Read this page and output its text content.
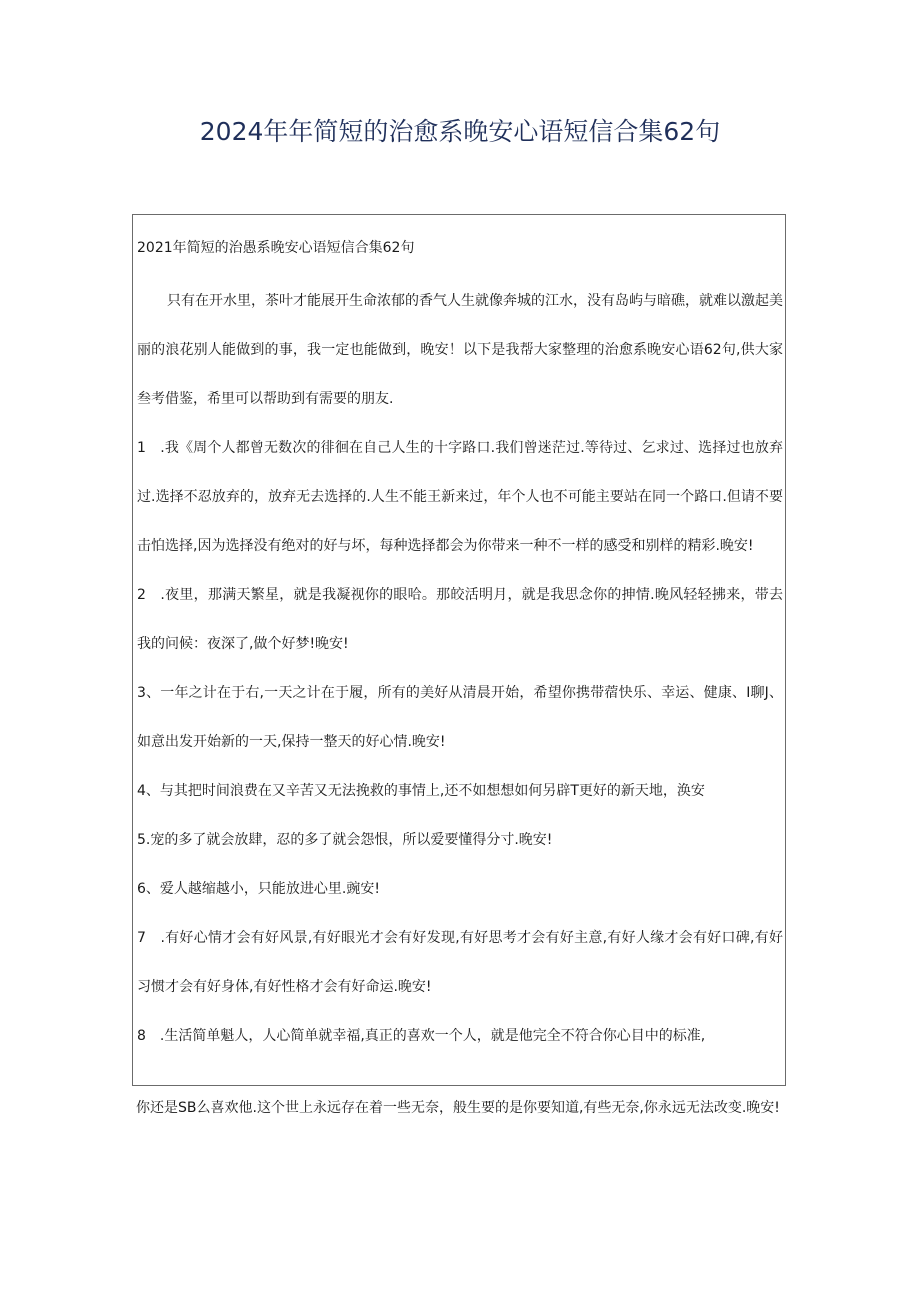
2024年年简短的治愈系晚安心语短信合集62句

2021年简短的治愚系晚安心语短信合集62句

只有在开水里，茶叶才能展开生命浓郁的香气人生就像奔城的江水，没有岛屿与暗礁，就难以激起美丽的浪花别人能做到的事，我一定也能做到，晚安！以下是我帮大家整理的治愈系晚安心语62句,供大家叁考借鉴，希里可以帮助到有需要的朋友.

1　.我《周个人都曾无数次的徘徊在自己人生的十字路口.我们曾迷茫过.等待过、乞求过、选择过也放弃过.选择不忍放弃的，放弃无去选择的.人生不能王新来过，年个人也不可能主要站在同一个路口.但请不要击怕选择,因为选择没有绝对的好与坏，每种选择都会为你带来一种不一样的感受和别样的精彩.晚安!

2　.夜里，那满天繁星，就是我凝视你的眼哈。那皎活明月，就是我思念你的抻情.晚风轻轻拂来，带去我的问候：夜深了,做个好梦!晚安!

3、一年之计在于右,一天之计在于履，所有的美好从清晨开始，希望你携带蓿快乐、幸运、健康、I聊J、如意出发开始新的一天,保持一整天的好心情.晚安!

4、与其把时间浪费在又辛苦又无法挽救的事情上,还不如想想如何另辟T更好的新天地，涣安

5.宠的多了就会放肆，忍的多了就会怨恨，所以爱要懂得分寸.晚安!

6、爱人越缩越小，只能放进心里.豌安!

7　.有好心情才会有好风景,有好眼光才会有好发现,有好思考才会有好主意,有好人缘才会有好口碑,有好习惯才会有好身体,有好性格才会有好命运.晚安!

8　.生活简单魁人，人心简单就幸福,真正的喜欢一个人，就是他完全不符合你心目中的标准,

你还是SB么喜欢他.这个世上永远存在着一些无奈，般生要的是你要知道,有些无奈,你永远无法改变.晚安!
